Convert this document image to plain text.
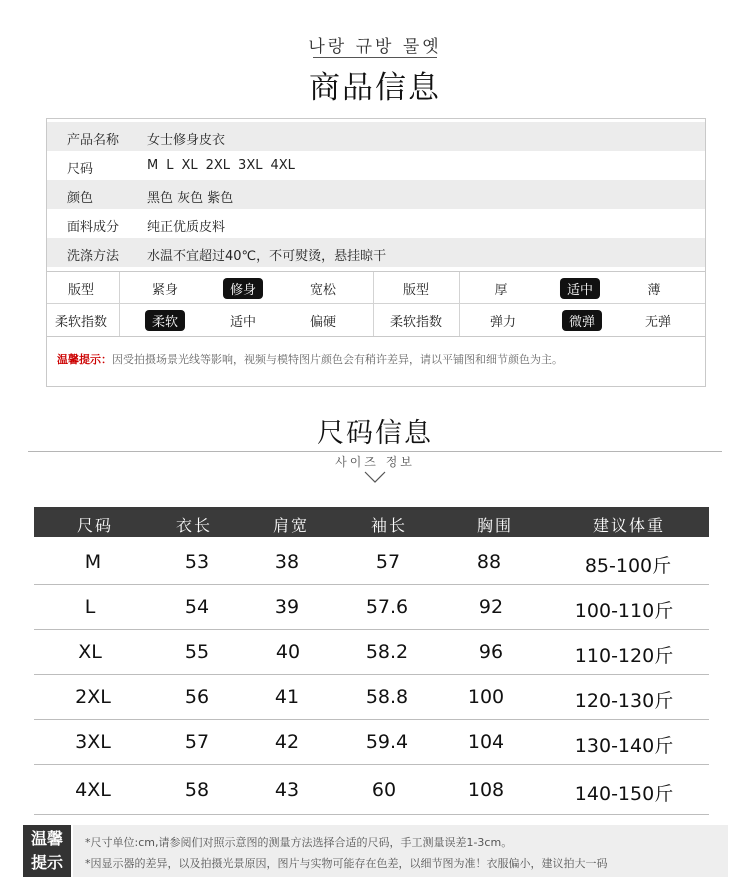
나랑 규방 물옛
商品信息
产品名称 女士修身皮衣
尺码	M L XL 2XL 3XL 4XL
颜色	黑色 灰色 紫色
面料成分 纯正优质皮料
洗涤方法 水温不宜超过40℃，不可熨烫，悬挂晾干
版型	紧身	修身	宽松	版型	厚	适中	薄
柔软指数	柔软	适中	偏硬	柔软指数	弹力	微弹	无弹
温馨提示：因受拍摄场景光线等影响，视频与模特图片颜色会有稍许差异，请以平铺图和细节颜色为主。
尺码信息
사이즈 정보
尺码	衣长	肩宽	袖长	胸围	建议体重
M	53	38	57	88	85-100斤
L	54	39	57.6	92	100-110斤
XL	55	40	58.2	96	110-120斤
2XL	56	41	58.8	100	120-130斤
3XL	57	42	59.4	104	130-140斤
4XL	58	43	60	108	140-150斤
温馨
提示
*尺寸单位:cm,请参阅们对照示意图的测量方法选择合适的尺码，手工测量误差1-3cm。
*因显示器的差异，以及拍摄光景原因，图片与实物可能存在色差，以细节图为准！衣服偏小，建议拍大一码
